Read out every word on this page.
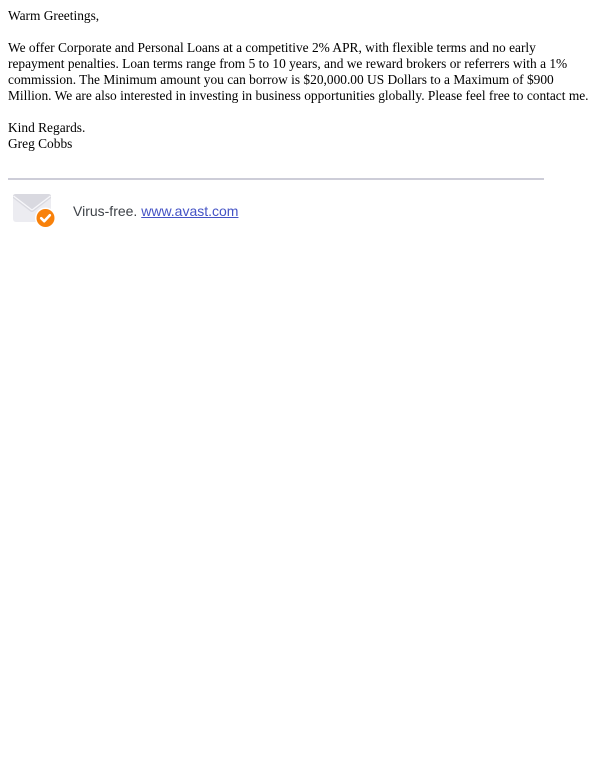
Warm Greetings,
We offer Corporate and Personal Loans at a competitive 2% APR, with flexible terms and no early repayment penalties. Loan terms range from 5 to 10 years, and we reward brokers or referrers with a 1% commission. The Minimum amount you can borrow is $20,000.00 US Dollars to a Maximum of $900 Million. We are also interested in investing in business opportunities globally. Please feel free to contact me.
Kind Regards.
Greg Cobbs
Virus-free. www.avast.com
